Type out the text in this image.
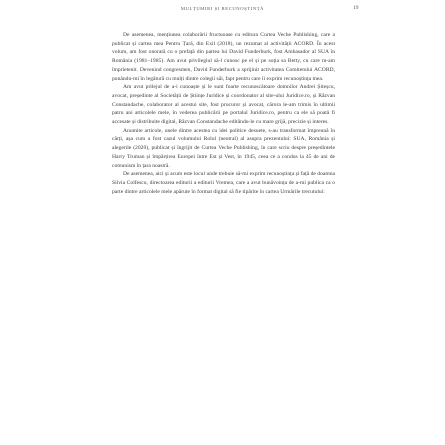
MULȚUMIRI ȘI RECUNOȘTINȚĂ	19

De asemenea, mențiunea colaborării fructuoase cu editura Curtea Veche Publishing, care a publicat și cartea mea Pentru Țară, din Exil (2018), un rezumat al activității ACORD. În acest volum, am fost onorată cu o prefață din partea lui David Funderburk, fost Ambasador al SUA în România (1981–1985). Am avut privilegiul să-l cunosc pe el și pe soția sa Betty, cu care m-am împrietenit. Devenind congresmen, David Funderburk a sprijinit activitatea Comitetului ACORD, punându-mi în legătură cu mulți dintre colegii săi, fapt pentru care îi exprim recunoștința mea.

Am avut prilejul de a-i cunoaște și le sunt foarte recunoscătoare domnilor Andrei Șiteșcu, avocat, președinte al Societății de Științe Juridice și coordonator al site-ului Juridice.ro, și Răzvan Constandache, colaborator al acestui site, fost procuror și avocat, cărora le-am trimis în ultimii patru ani articolele mele, în vederea publicării pe portalul Juridice.ro, pentru ca ele să poată fi accesate și distribuite digital, Răzvan Constandache editându-le cu mare grijă, precizie și interes.

Anumite articole, unele dintre acestea cu idei politice desuete, s-au transformat împreună în cărți, așa cum a fost cazul volumului Rolul (neutral) al asupra prezentului: SUA, România și alegerile (2020), publicat și îngrijit de Curtea Veche Publishing, în care scriu despre președintele Harry Truman și împărțirea Europei între Est și Vest, în 1945, ceea ce a condus la 45 de ani de comunism în țara noastră.

De asemenea, aici și acum este locul unde trebuie să-mi exprim recunoștința și față de doamna Silvia Colfescu, directoarea editurii a editurii Vremea, care a avut bunăvoința de a-mi publica ca o parte dintre articolele mele apărute în format digital să fie tipărite în cartea Urmările trecutului:
